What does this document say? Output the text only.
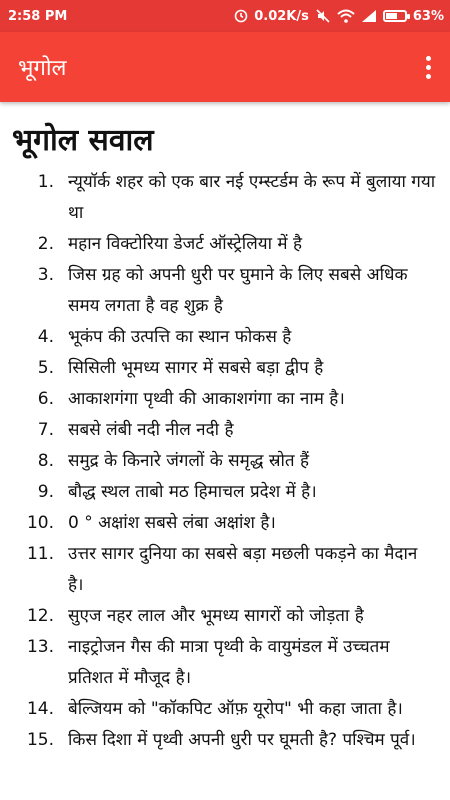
2:58 PM	0.02K/s	63%
भूगोल
भूगोल सवाल
1. न्यूयॉर्क शहर को एक बार नई एम्स्टर्डम के रूप में बुलाया गया था
2. महान विक्टोरिया डेजर्ट ऑस्ट्रेलिया में है
3. जिस ग्रह को अपनी धुरी पर घुमाने के लिए सबसे अधिक समय लगता है वह शुक्र है
4. भूकंप की उत्पत्ति का स्थान फोकस है
5. सिसिली भूमध्य सागर में सबसे बड़ा द्वीप है
6. आकाशगंगा पृथ्वी की आकाशगंगा का नाम है।
7. सबसे लंबी नदी नील नदी है
8. समुद्र के किनारे जंगलों के समृद्ध स्रोत हैं
9. बौद्ध स्थल ताबो मठ हिमाचल प्रदेश में है।
10. 0 ° अक्षांश सबसे लंबा अक्षांश है।
11. उत्तर सागर दुनिया का सबसे बड़ा मछली पकड़ने का मैदान है।
12. सुएज नहर लाल और भूमध्य सागरों को जोड़ता है
13. नाइट्रोजन गैस की मात्रा पृथ्वी के वायुमंडल में उच्चतम प्रतिशत में मौजूद है।
14. बेल्जियम को "कॉकपिट ऑफ़ यूरोप" भी कहा जाता है।
15. किस दिशा में पृथ्वी अपनी धुरी पर घूमती है? पश्चिम पूर्व।
